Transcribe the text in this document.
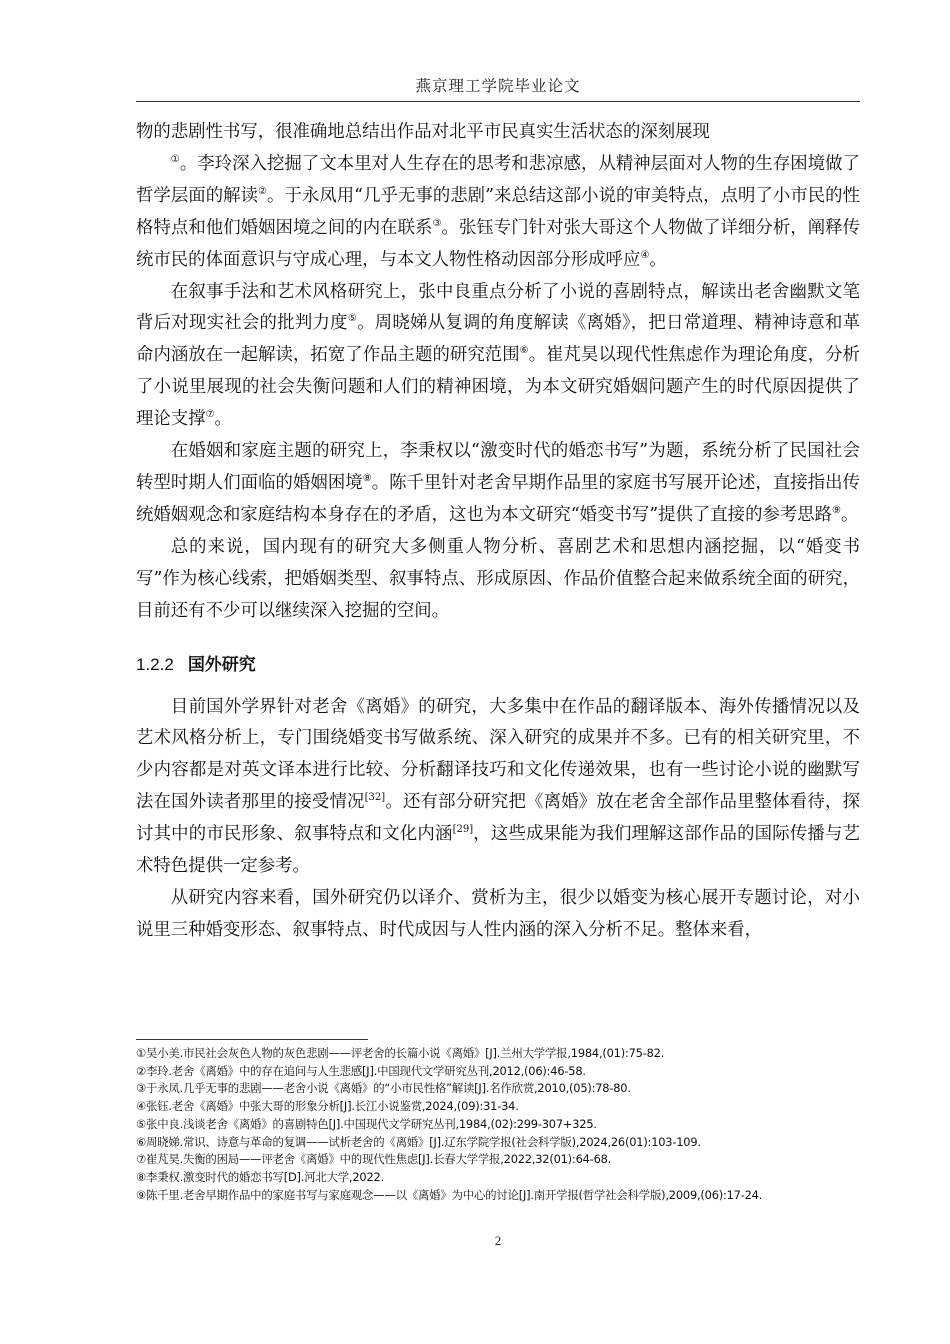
燕京理工学院毕业论文

物的悲剧性书写，很准确地总结出作品对北平市民真实生活状态的深刻展现

①。李玲深入挖掘了文本里对人生存在的思考和悲凉感，从精神层面对人物的生存困境做了哲学层面的解读②。于永凤用“几乎无事的悲剧”来总结这部小说的审美特点，点明了小市民的性格特点和他们婚姻困境之间的内在联系③。张钰专门针对张大哥这个人物做了详细分析，阐释传统市民的体面意识与守成心理，与本文人物性格动因部分形成呼应④。

在叙事手法和艺术风格研究上，张中良重点分析了小说的喜剧特点，解读出老舍幽默文笔背后对现实社会的批判力度⑤。周晓娣从复调的角度解读《离婚》，把日常道理、精神诗意和革命内涵放在一起解读，拓宽了作品主题的研究范围⑥。崔芃昊以现代性焦虑作为理论角度，分析了小说里展现的社会失衡问题和人们的精神困境，为本文研究婚姻问题产生的时代原因提供了理论支撑⑦。

在婚姻和家庭主题的研究上，李秉权以“激变时代的婚恋书写”为题，系统分析了民国社会转型时期人们面临的婚姻困境⑧。陈千里针对老舍早期作品里的家庭书写展开论述，直接指出传统婚姻观念和家庭结构本身存在的矛盾，这也为本文研究“婚变书写”提供了直接的参考思路⑨。

总的来说，国内现有的研究大多侧重人物分析、喜剧艺术和思想内涵挖掘，以“婚变书写”作为核心线索，把婚姻类型、叙事特点、形成原因、作品价值整合起来做系统全面的研究，目前还有不少可以继续深入挖掘的空间。

1.2.2 国外研究

目前国外学界针对老舍《离婚》的研究，大多集中在作品的翻译版本、海外传播情况以及艺术风格分析上，专门围绕婚变书写做系统、深入研究的成果并不多。已有的相关研究里，不少内容都是对英文译本进行比较、分析翻译技巧和文化传递效果，也有一些讨论小说的幽默写法在国外读者那里的接受情况[32]。还有部分研究把《离婚》放在老舍全部作品里整体看待，探讨其中的市民形象、叙事特点和文化内涵[29]，这些成果能为我们理解这部作品的国际传播与艺术特色提供一定参考。

从研究内容来看，国外研究仍以译介、赏析为主，很少以婚变为核心展开专题讨论，对小说里三种婚变形态、叙事特点、时代成因与人性内涵的深入分析不足。整体来看，

①吴小美.市民社会灰色人物的灰色悲剧——评老舍的长篇小说《离婚》[J].兰州大学学报,1984,(01):75-82.

②李玲.老舍《离婚》中的存在追问与人生悲感[J].中国现代文学研究丛刊,2012,(06):46-58.

③于永凤.几乎无事的悲剧——老舍小说《离婚》的“小市民性格”解读[J].名作欣赏,2010,(05):78-80.

④张钰.老舍《离婚》中张大哥的形象分析[J].长江小说鉴赏,2024,(09):31-34.

⑤张中良.浅谈老舍《离婚》的喜剧特色[J].中国现代文学研究丛刊,1984,(02):299-307+325.

⑥周晓娣.常识、诗意与革命的复调——试析老舍的《离婚》[J].辽东学院学报(社会科学版),2024,26(01):103-109.

⑦崔芃昊.失衡的困局——评老舍《离婚》中的现代性焦虑[J].长春大学学报,2022,32(01):64-68.

⑧李秉权.激变时代的婚恋书写[D].河北大学,2022.

⑨陈千里.老舍早期作品中的家庭书写与家庭观念——以《离婚》为中心的讨论[J].南开学报(哲学社会科学版),2009,(06):17-24.

2
